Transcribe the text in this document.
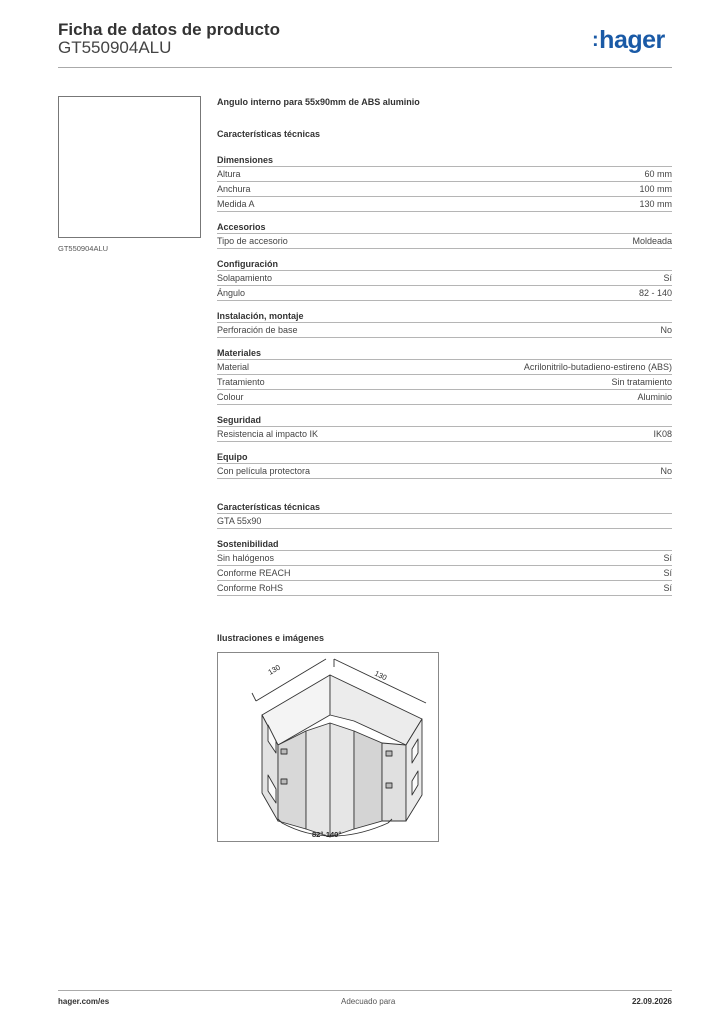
Ficha de datos de producto
GT550904ALU	:hager
GT550904ALU
Angulo interno para 55x90mm de ABS aluminio
Características técnicas
Dimensiones
Altura	60 mm
Anchura	100 mm
Medida A	130 mm
Accesorios
Tipo de accesorio	Moldeada
Configuración
Solapamiento	Sí
Ángulo	82 - 140
Instalación, montaje
Perforación de base	No
Materiales
Material	Acrilonitrilo-butadieno-estireno (ABS)
Tratamiento	Sin tratamiento
Colour	Aluminio
Seguridad
Resistencia al impacto IK	IK08
Equipo
Con película protectora	No
Características técnicas
GTA 55x90
Sostenibilidad
Sin halógenos	Sí
Conforme REACH	Sí
Conforme RoHS	Sí
Ilustraciones e imágenes
130	130
82°-140°
hager.com/es	Adecuado para	22.09.2026
